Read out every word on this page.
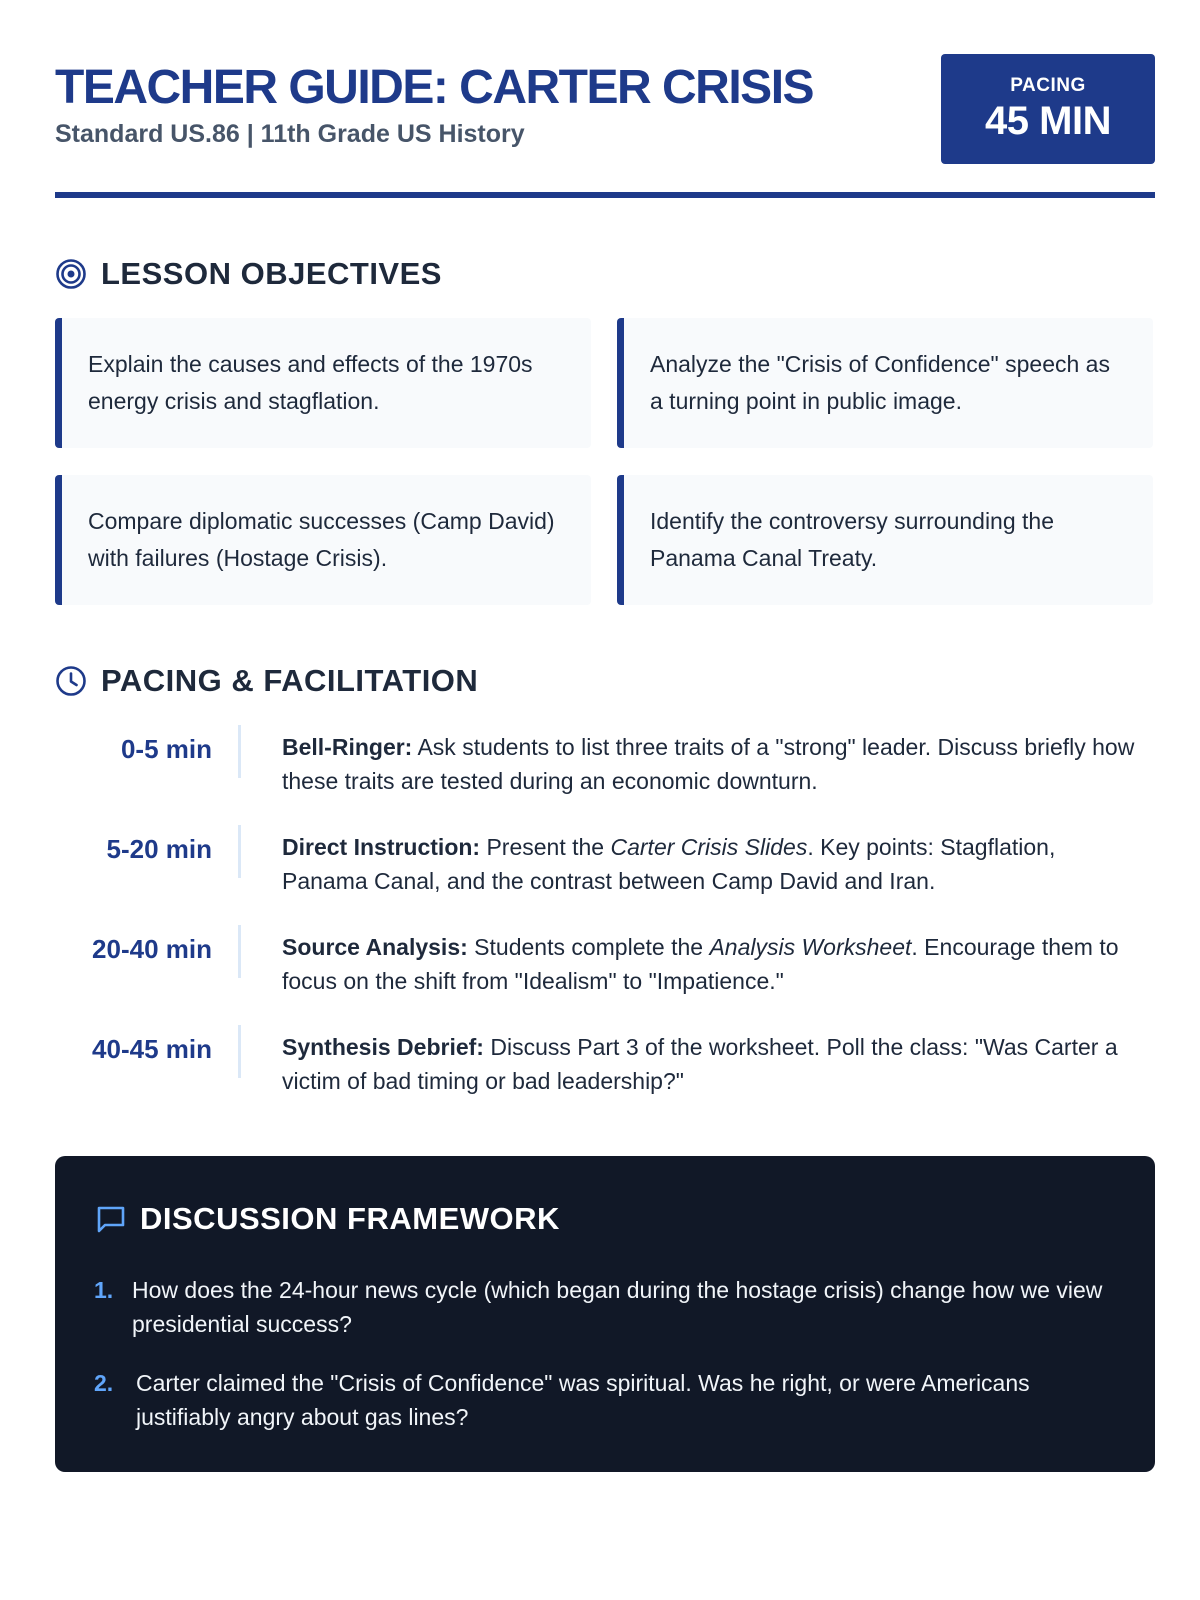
TEACHER GUIDE: CARTER CRISIS
Standard US.86 | 11th Grade US History
PACING
45 MIN
LESSON OBJECTIVES
Explain the causes and effects of the 1970s energy crisis and stagflation.
Analyze the "Crisis of Confidence" speech as a turning point in public image.
Compare diplomatic successes (Camp David) with failures (Hostage Crisis).
Identify the controversy surrounding the Panama Canal Treaty.
PACING & FACILITATION
0-5 min	Bell-Ringer: Ask students to list three traits of a "strong" leader. Discuss briefly how these traits are tested during an economic downturn.
5-20 min	Direct Instruction: Present the Carter Crisis Slides. Key points: Stagflation, Panama Canal, and the contrast between Camp David and Iran.
20-40 min	Source Analysis: Students complete the Analysis Worksheet. Encourage them to focus on the shift from "Idealism" to "Impatience."
40-45 min	Synthesis Debrief: Discuss Part 3 of the worksheet. Poll the class: "Was Carter a victim of bad timing or bad leadership?"
DISCUSSION FRAMEWORK
1. How does the 24-hour news cycle (which began during the hostage crisis) change how we view presidential success?
2. Carter claimed the "Crisis of Confidence" was spiritual. Was he right, or were Americans justifiably angry about gas lines?
